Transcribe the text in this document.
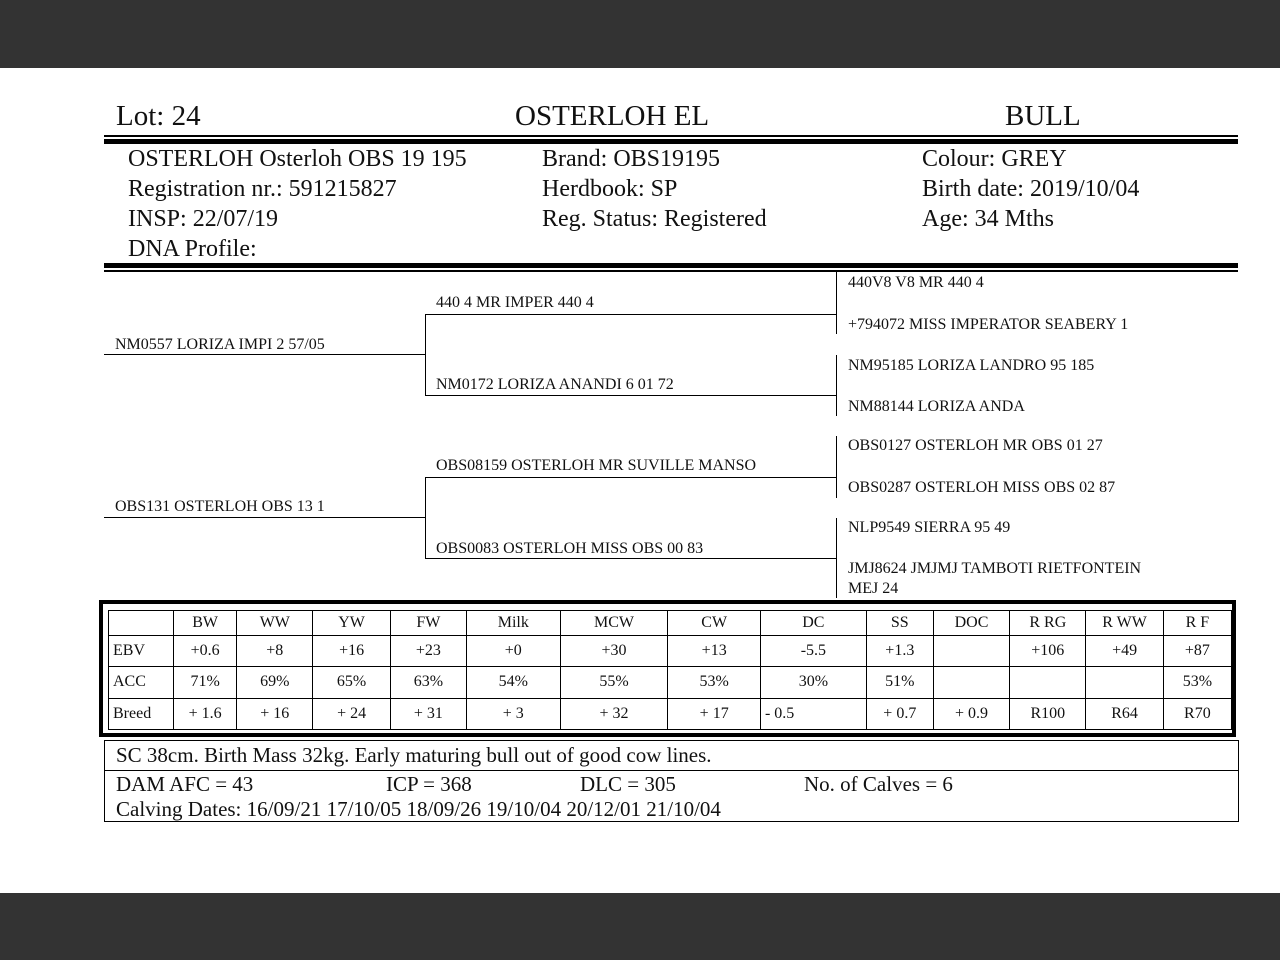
Lot: 24	OSTERLOH EL	BULL
OSTERLOH Osterloh OBS 19 195
Registration nr.: 591215827
INSP: 22/07/19
DNA Profile:
Brand: OBS19195
Herdbook: SP
Reg. Status: Registered
Colour: GREY
Birth date: 2019/10/04
Age: 34 Mths
NM0557 LORIZA IMPI 2 57/05
OBS131 OSTERLOH OBS 13 1
440 4 MR IMPER 440 4
NM0172 LORIZA ANANDI 6 01 72
OBS08159 OSTERLOH MR SUVILLE MANSO
OBS0083 OSTERLOH MISS OBS 00 83
440V8 V8 MR 440 4
+794072 MISS IMPERATOR SEABERY 1
NM95185 LORIZA LANDRO 95 185
NM88144 LORIZA ANDA
OBS0127 OSTERLOH MR OBS 01 27
OBS0287 OSTERLOH MISS OBS 02 87
NLP9549 SIERRA 95 49
JMJ8624 JMJMJ TAMBOTI RIETFONTEIN
MEJ 24
	BW	WW	YW	FW	Milk	MCW	CW	DC	SS	DOC	R RG	R WW	R F
EBV	+0.6	+8	+16	+23	+0	+30	+13	-5.5	+1.3		+106	+49	+87
ACC	71%	69%	65%	63%	54%	55%	53%	30%	51%				53%
Breed	+ 1.6	+ 16	+ 24	+ 31	+ 3	+ 32	+ 17	- 0.5	+ 0.7	+ 0.9	R100	R64	R70
SC 38cm. Birth Mass 32kg. Early maturing bull out of good cow lines.
DAM AFC = 43	ICP = 368	DLC = 305	No. of Calves = 6
Calving Dates: 16/09/21 17/10/05 18/09/26 19/10/04 20/12/01 21/10/04
